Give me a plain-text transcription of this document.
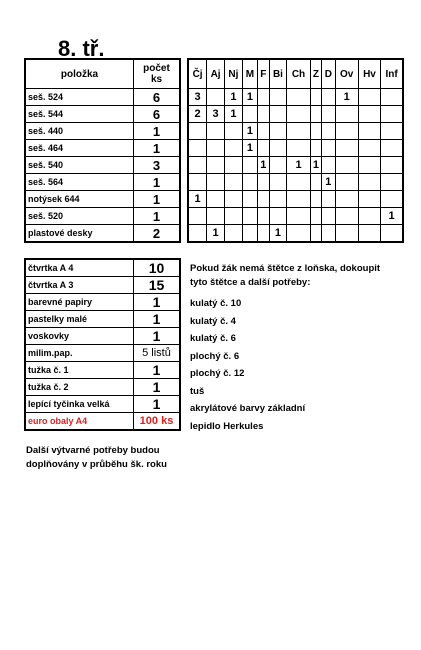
8. tř.
položka	počet
ks
seš. 524	6
seš. 544	6
seš. 440	1
seš. 464	1
seš. 540	3
seš. 564	1
notýsek 644	1
seš. 520	1
plastové desky	2
Čj	Aj	Nj	M	F	Bi	Ch	Z	D	Ov	Hv	Inf
3		1	1						1		
2	3	1									
			1								
			1								
				1		1	1				
								1			
1											
											1
	1				1						
čtvrtka A 4	10
čtvrtka A 3	15
barevné papiry	1
pastelky malé	1
voskovky	1
milim.pap.	5 listů
tužka č. 1	1
tužka č. 2	1
lepící tyčinka velká	1
euro obaly A4	100 ks
Pokud žák nemá štětce z loňska, dokoupit tyto štětce a další potřeby:
kulatý č. 10
kulatý č. 4
kulatý č. 6
plochý č. 6
plochý č. 12
tuš
akrylátové barvy základní
lepidlo Herkules
Další výtvarné potřeby budou doplňovány v průběhu šk. roku
